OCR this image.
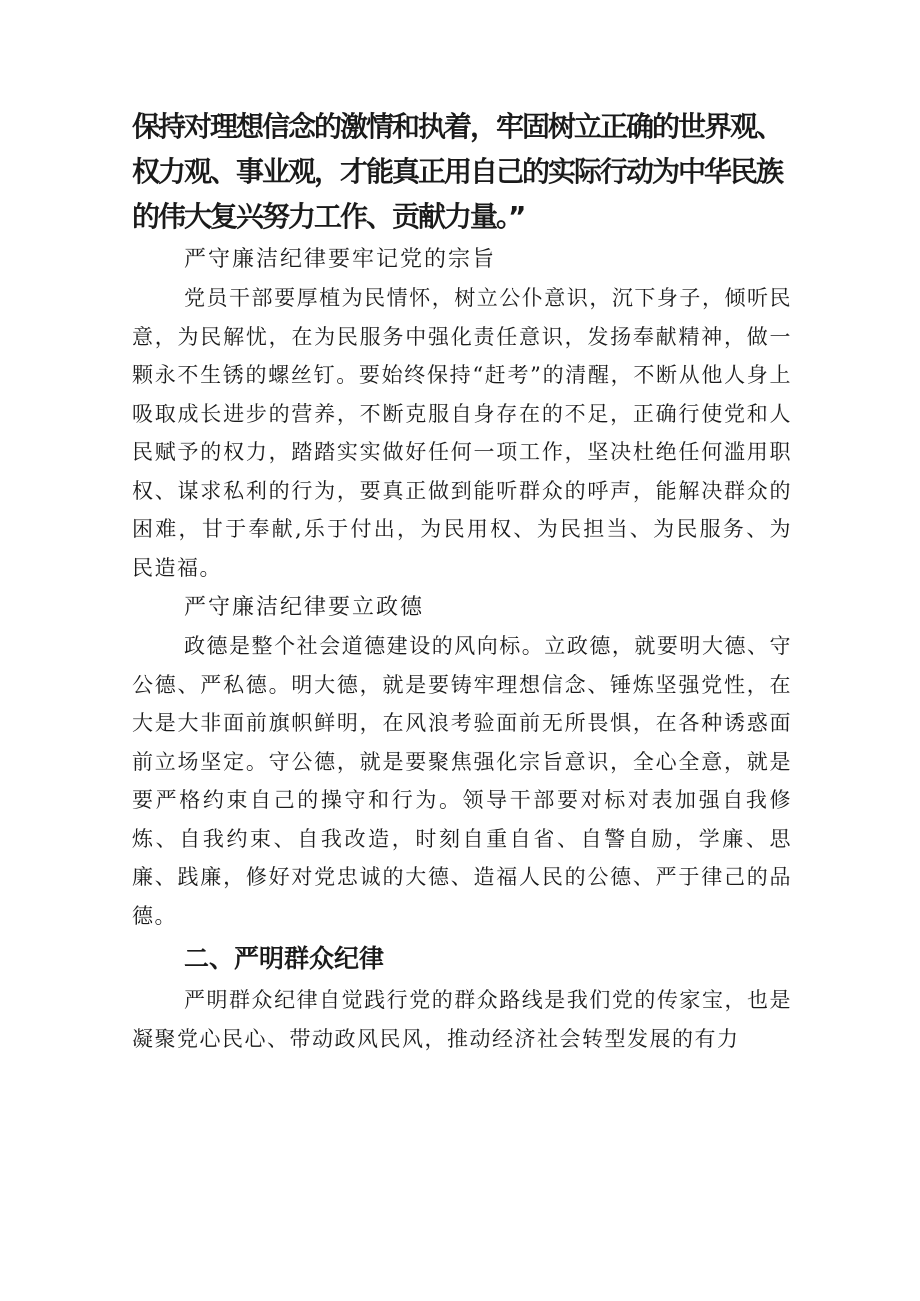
保持对理想信念的激情和执着，牢固树立正确的世界观、权力观、事业观，才能真正用自己的实际行动为中华民族的伟大复兴努力工作、贡献力量。”

严守廉洁纪律要牢记党的宗旨

党员干部要厚植为民情怀，树立公仆意识，沉下身子，倾听民意，为民解忧，在为民服务中强化责任意识，发扬奉献精神，做一颗永不生锈的螺丝钉。要始终保持“赶考”的清醒，不断从他人身上吸取成长进步的营养，不断克服自身存在的不足，正确行使党和人民赋予的权力，踏踏实实做好任何一项工作，坚决杜绝任何滥用职权、谋求私利的行为，要真正做到能听群众的呼声，能解决群众的困难，甘于奉献,乐于付出，为民用权、为民担当、为民服务、为民造福。

严守廉洁纪律要立政德

政德是整个社会道德建设的风向标。立政德，就要明大德、守公德、严私德。明大德，就是要铸牢理想信念、锤炼坚强党性，在大是大非面前旗帜鲜明，在风浪考验面前无所畏惧，在各种诱惑面前立场坚定。守公德，就是要聚焦强化宗旨意识，全心全意，就是要严格约束自己的操守和行为。领导干部要对标对表加强自我修炼、自我约束、自我改造，时刻自重自省、自警自励，学廉、思廉、践廉，修好对党忠诚的大德、造福人民的公德、严于律己的品德。

二、严明群众纪律

严明群众纪律自觉践行党的群众路线是我们党的传家宝，也是凝聚党心民心、带动政风民风，推动经济社会转型发展的有力
